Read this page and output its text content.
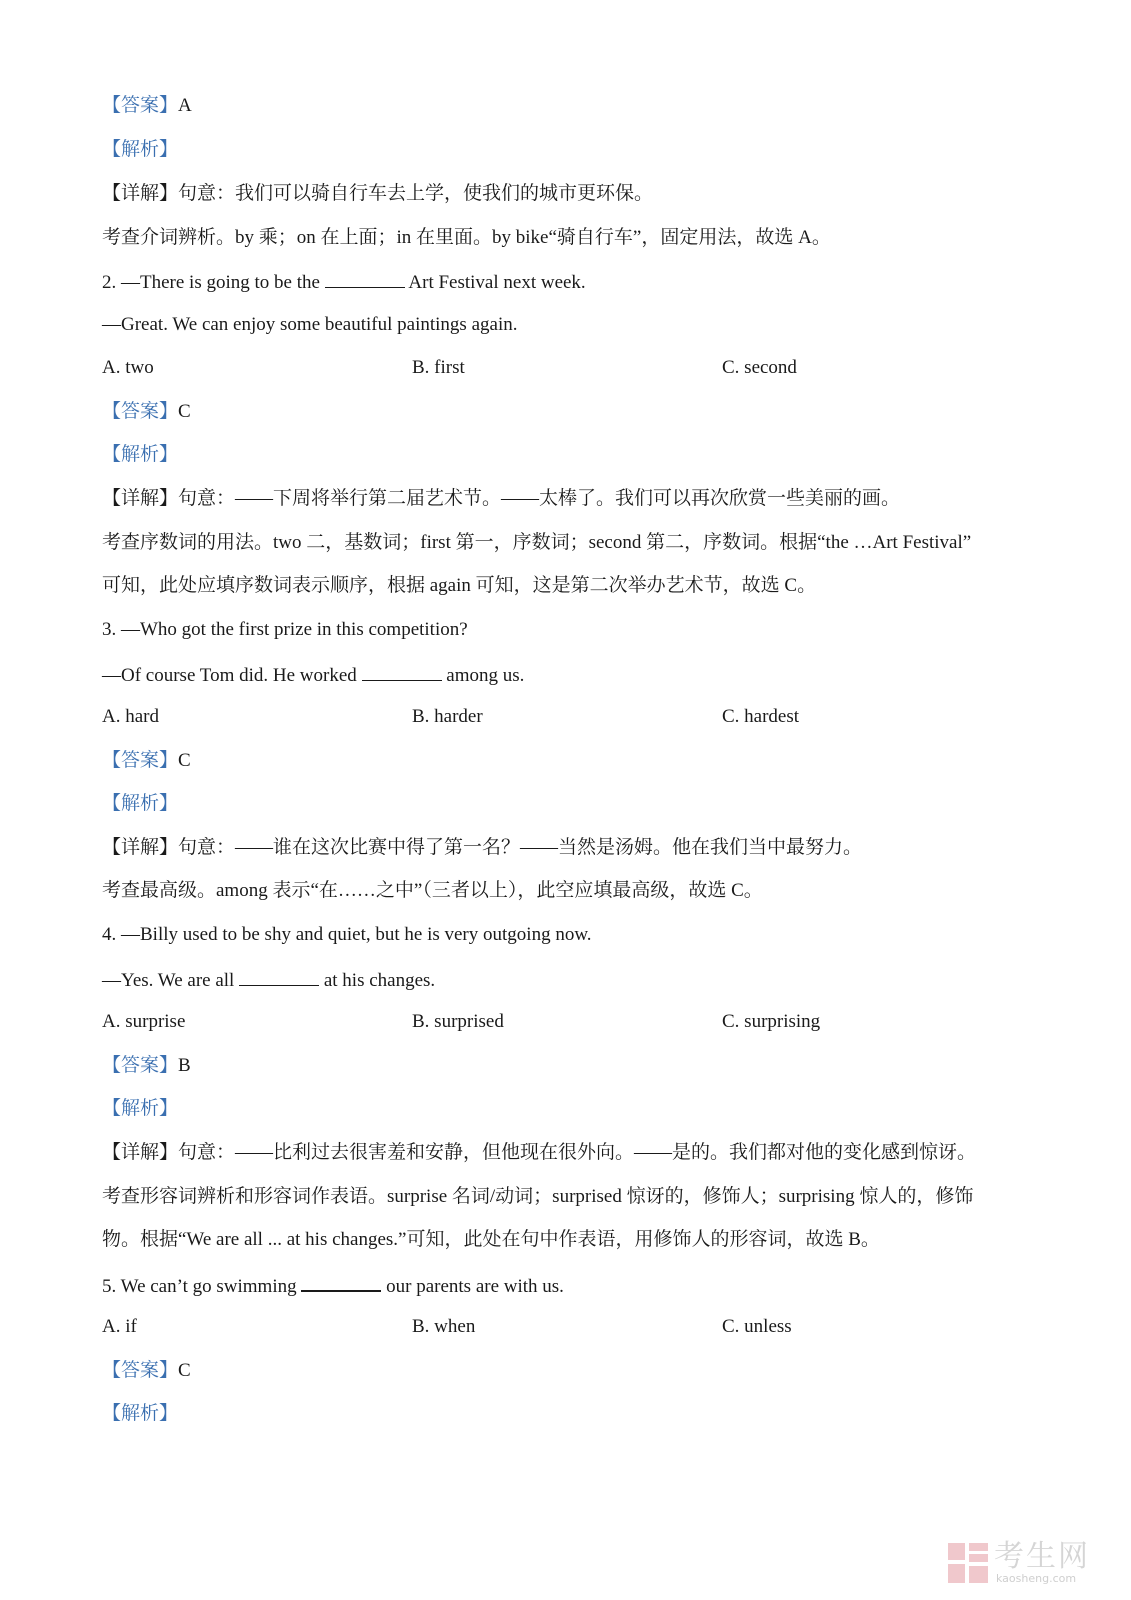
【答案】A
【解析】
【详解】句意：我们可以骑自行车去上学，使我们的城市更环保。
考查介词辨析。by 乘；on 在上面；in 在里面。by bike“骑自行车”，固定用法，故选 A。
2. —There is going to be the	Art Festival next week.
—Great. We can enjoy some beautiful paintings again.
A. two	B. first	C. second
【答案】C
【解析】
【详解】句意：——下周将举行第二届艺术节。——太棒了。我们可以再次欣赏一些美丽的画。
考查序数词的用法。two 二，基数词；first 第一，序数词；second 第二，序数词。根据“the …Art Festival”
可知，此处应填序数词表示顺序，根据 again 可知，这是第二次举办艺术节，故选 C。
3. —Who got the first prize in this competition?
—Of course Tom did. He worked	among us.
A. hard	B. harder	C. hardest
【答案】C
【解析】
【详解】句意：——谁在这次比赛中得了第一名？——当然是汤姆。他在我们当中最努力。
考查最高级。among 表示“在……之中”（三者以上），此空应填最高级，故选 C。
4. —Billy used to be shy and quiet, but he is very outgoing now.
—Yes. We are all	at his changes.
A. surprise	B. surprised	C. surprising
【答案】B
【解析】
【详解】句意：——比利过去很害羞和安静，但他现在很外向。——是的。我们都对他的变化感到惊讶。
考查形容词辨析和形容词作表语。surprise 名词/动词；surprised 惊讶的，修饰人；surprising 惊人的，修饰
物。根据“We are all ... at his changes.”可知，此处在句中作表语，用修饰人的形容词，故选 B。
5. We can’t go swimming	our parents are with us.
A. if	B. when	C. unless
【答案】C
【解析】
考生网
kaosheng.com
